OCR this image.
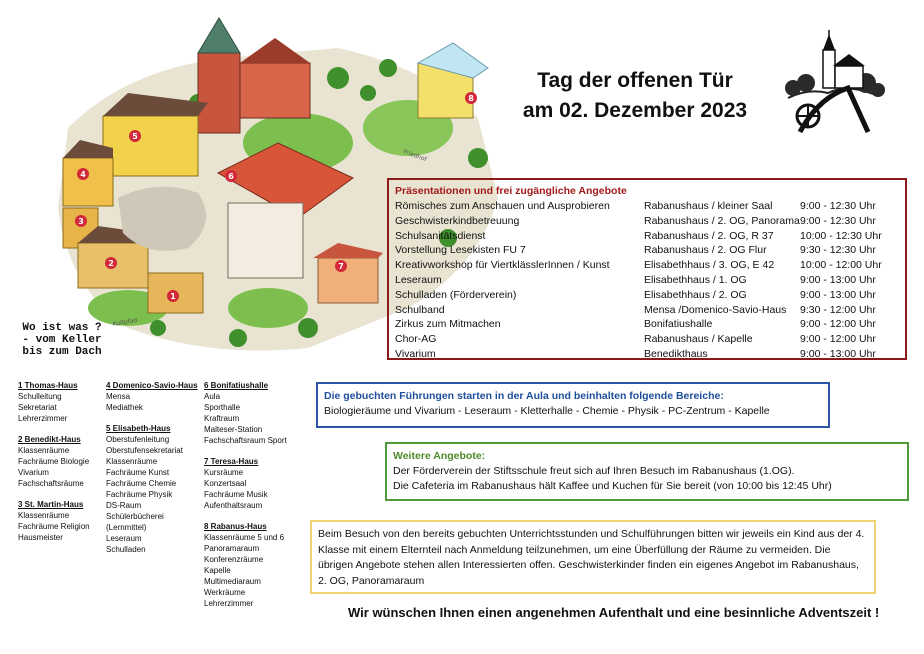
1
2
3
4
5
6
7
8
Friedhof
Kultpfad
Tag der offenen Tür
am 02. Dezember 2023
Wo ist was ?
- vom Keller
bis zum Dach
1 Thomas-Haus
Schulleitung
Sekretariat
Lehrerzimmer
2 Benedikt-Haus
Klassenräume
Fachräume Biologie
Vivarium
Fachschaftsräume
3 St. Martin-Haus
Klassenräume
Fachräume Religion
Hausmeister
4 Domenico-Savio-Haus
Mensa
Mediathek
5 Elisabeth-Haus
Oberstufenleitung
Oberstufensekretariat
Klassenräume
Fachräume Kunst
Fachräume Chemie
Fachräume Physik
DS-Raum
Schülerbücherei
(Lernmittel)
Leseraum
Schulladen
6 Bonifatiushalle
Aula
Sporthalle
Kraftraum
Malteser-Station
Fachschaftsraum Sport
7 Teresa-Haus
Kursräume
Konzertsaal
Fachräume Musik
Aufenthaltsraum
8 Rabanus-Haus
Klassenräume 5 und 6
Panoramaraum
Konferenzräume
Kapelle
Multimediaraum
Werkräume
Lehrerzimmer
Präsentationen und frei zugängliche Angebote
Römisches zum Anschauen und Ausprobieren	Rabanushaus / kleiner Saal	9:00 - 12:30 Uhr
Geschwisterkindbetreuung	Rabanushaus / 2. OG, Panorama 9:00 - 12:30 Uhr
Schulsanitätsdienst	Rabanushaus / 2. OG, R 37	10:00 - 12:30 Uhr
Vorstellung Lesekisten FU 7	Rabanushaus / 2. OG Flur	9:30 - 12:30 Uhr
Kreativworkshop für ViertklässlerInnen / Kunst	Elisabethhaus / 3. OG, E 42	10:00 - 12:00 Uhr
Leseraum	Elisabethhaus / 1. OG	9:00 - 13:00 Uhr
Schulladen (Förderverein)	Elisabethhaus / 2. OG	9:00 - 13:00 Uhr
Schulband	Mensa /Domenico-Savio-Haus	9:30 - 12:00 Uhr
Zirkus zum Mitmachen	Bonifatiushalle	9:00 - 12:00 Uhr
Chor-AG	Rabanushaus / Kapelle	9:00 - 12:00 Uhr
Vivarium	Benedikthaus	9:00 - 13:00 Uhr
Die gebuchten Führungen starten in der Aula und beinhalten folgende Bereiche:
Biologieräume und Vivarium - Leseraum - Kletterhalle - Chemie - Physik - PC-Zentrum - Kapelle
Weitere Angebote:
Der Förderverein der Stiftsschule freut sich auf Ihren Besuch im Rabanushaus (1.OG).
Die Cafeteria im Rabanushaus hält Kaffee und Kuchen für Sie bereit (von 10:00 bis 12:45 Uhr)
Beim Besuch von den bereits gebuchten Unterrichtsstunden und Schulführungen bitten wir jeweils ein Kind aus der 4. Klasse mit einem Elternteil nach Anmeldung teilzunehmen, um eine Überfüllung der Räume zu vermeiden. Die übrigen Angebote stehen allen Interessierten offen. Geschwisterkinder finden ein eigenes Angebot im Rabanushaus, 2. OG, Panoramaraum
Wir wünschen Ihnen einen angenehmen Aufenthalt und eine besinnliche Adventszeit !
